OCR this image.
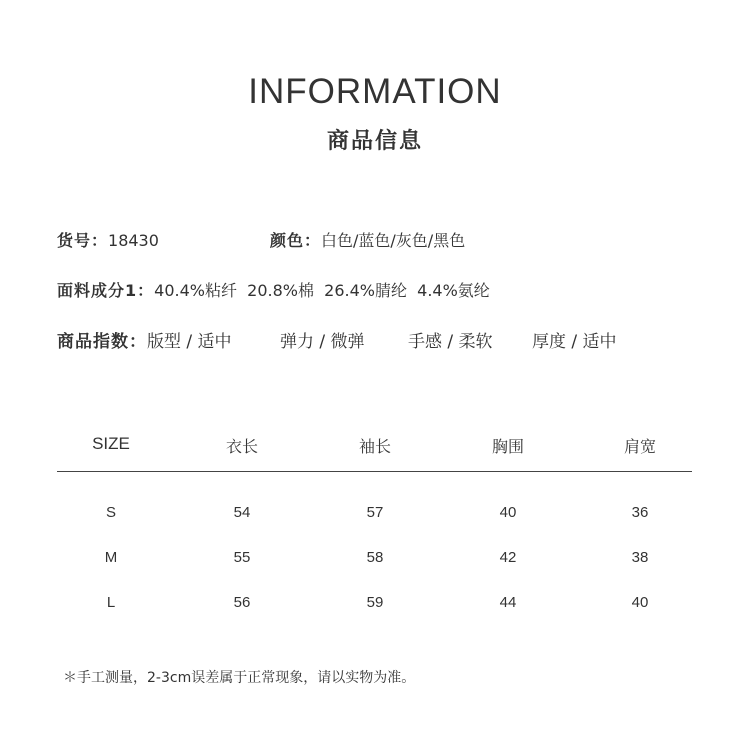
INFORMATION
商品信息
货号：18430	颜色：白色/蓝色/灰色/黑色
面料成分1：40.4%粘纤  20.8%棉  26.4%腈纶  4.4%氨纶
商品指数：版型 / 适中	弹力 / 微弹	手感 / 柔软 厚度 / 适中
SIZE	衣长	袖长	胸围	肩宽
S	54	57	40	36
M	55	58	42	38
L	56	59	44	40
＊手工测量，2-3cm误差属于正常现象，请以实物为准。
